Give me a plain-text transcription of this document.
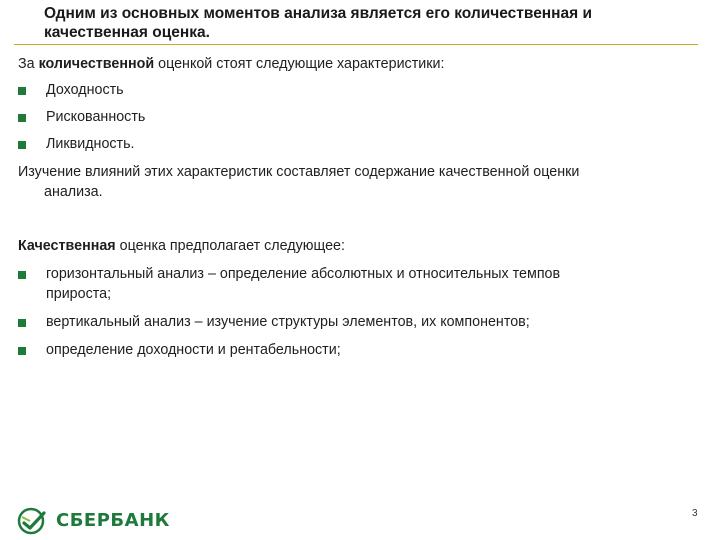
Одним из основных моментов анализа является его количественная и качественная оценка.
За количественной оценкой стоят следующие характеристики:
Доходность
Рискованность
Ликвидность.
Изучение влияний этих характеристик составляет содержание качественной оценки
анализа.
Качественная оценка предполагает следующее:
горизонтальный анализ – определение абсолютных и относительных темпов
прироста;
вертикальный анализ – изучение структуры элементов, их компонентов;
определение доходности и рентабельности;
СБЕРБАНК	3
